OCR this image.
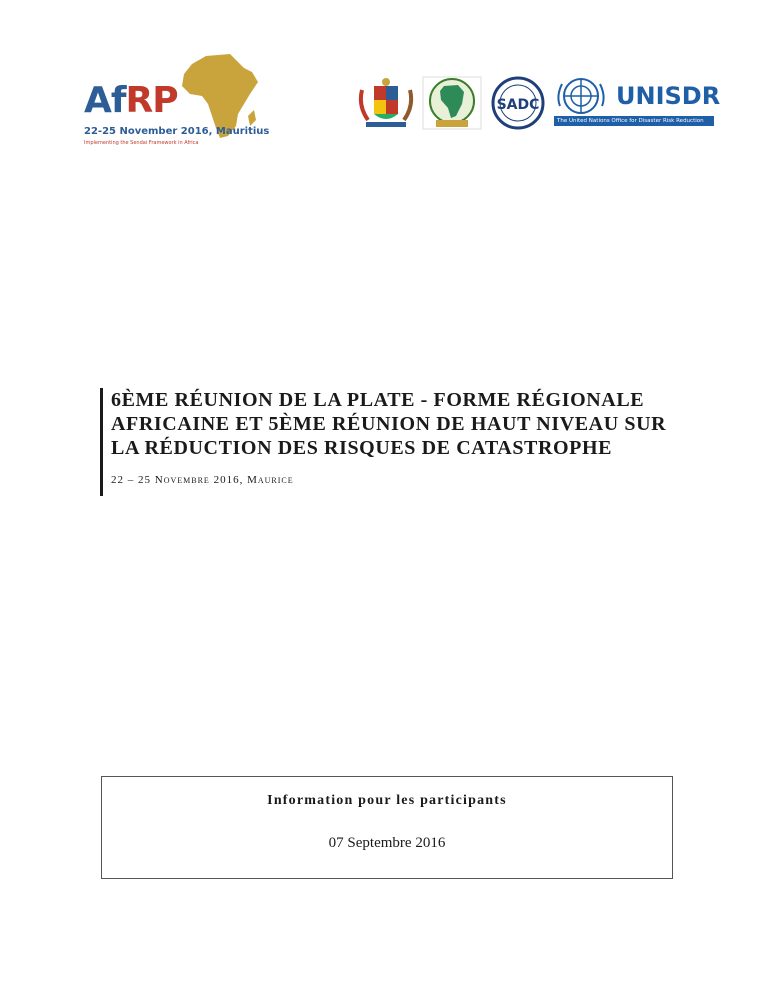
AfRP
22-25 November 2016, Mauritius
Implementing the Sendai Framework in Africa
SADC	UNISDR
The United Nations Office for Disaster Risk Reduction
6ÈME RÉUNION DE LA PLATE - FORME RÉGIONALE AFRICAINE ET 5ÈME RÉUNION DE HAUT NIVEAU SUR LA RÉDUCTION DES RISQUES DE CATASTROPHE
22 – 25 Novembre 2016, Maurice
Information pour les participants
07 Septembre 2016
